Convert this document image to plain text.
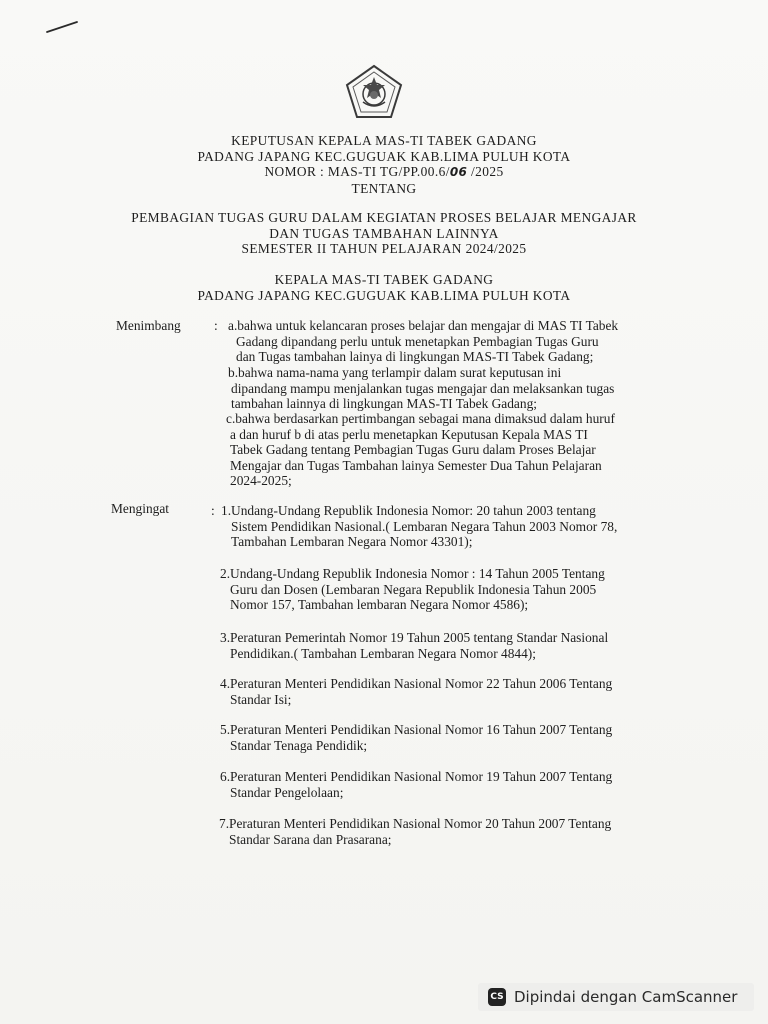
KEPUTUSAN KEPALA MAS-TI TABEK GADANG
PADANG JAPANG KEC.GUGUAK KAB.LIMA PULUH KOTA
NOMOR : MAS-TI TG/PP.00.6/06 /2025
TENTANG
PEMBAGIAN TUGAS GURU DALAM KEGIATAN PROSES BELAJAR MENGAJAR
DAN TUGAS TAMBAHAN LAINNYA
SEMESTER II TAHUN PELAJARAN 2024/2025
KEPALA MAS-TI TABEK GADANG
PADANG JAPANG KEC.GUGUAK KAB.LIMA PULUH KOTA
Menimbang : a.bahwa untuk kelancaran proses belajar dan mengajar di MAS TI Tabek
Gadang dipandang perlu untuk menetapkan Pembagian Tugas Guru
dan Tugas tambahan lainya di lingkungan MAS-TI Tabek Gadang;
b.bahwa nama-nama yang terlampir dalam surat keputusan ini
dipandang mampu menjalankan tugas mengajar dan melaksankan tugas
tambahan lainnya di lingkungan MAS-TI Tabek Gadang;
c.bahwa berdasarkan pertimbangan sebagai mana dimaksud dalam huruf
a dan huruf b di atas perlu menetapkan Keputusan Kepala MAS TI
Tabek Gadang tentang Pembagian Tugas Guru dalam Proses Belajar
Mengajar dan Tugas Tambahan lainya Semester Dua Tahun Pelajaran
2024-2025;
Mengingat	: 1.Undang-Undang Republik Indonesia Nomor: 20 tahun 2003 tentang
Sistem Pendidikan Nasional.( Lembaran Negara Tahun 2003 Nomor 78,
Tambahan Lembaran Negara Nomor 43301);
2.Undang-Undang Republik Indonesia Nomor : 14 Tahun 2005 Tentang
Guru dan Dosen (Lembaran Negara Republik Indonesia Tahun 2005
Nomor 157, Tambahan lembaran Negara Nomor 4586);
3.Peraturan Pemerintah Nomor 19 Tahun 2005 tentang Standar Nasional
Pendidikan.( Tambahan Lembaran Negara Nomor 4844);
4.Peraturan Menteri Pendidikan Nasional Nomor 22 Tahun 2006 Tentang
Standar Isi;
5.Peraturan Menteri Pendidikan Nasional Nomor 16 Tahun 2007 Tentang
Standar Tenaga Pendidik;
6.Peraturan Menteri Pendidikan Nasional Nomor 19 Tahun 2007 Tentang
Standar Pengelolaan;
7.Peraturan Menteri Pendidikan Nasional Nomor 20 Tahun 2007 Tentang
Standar Sarana dan Prasarana;
CS Dipindai dengan CamScanner
